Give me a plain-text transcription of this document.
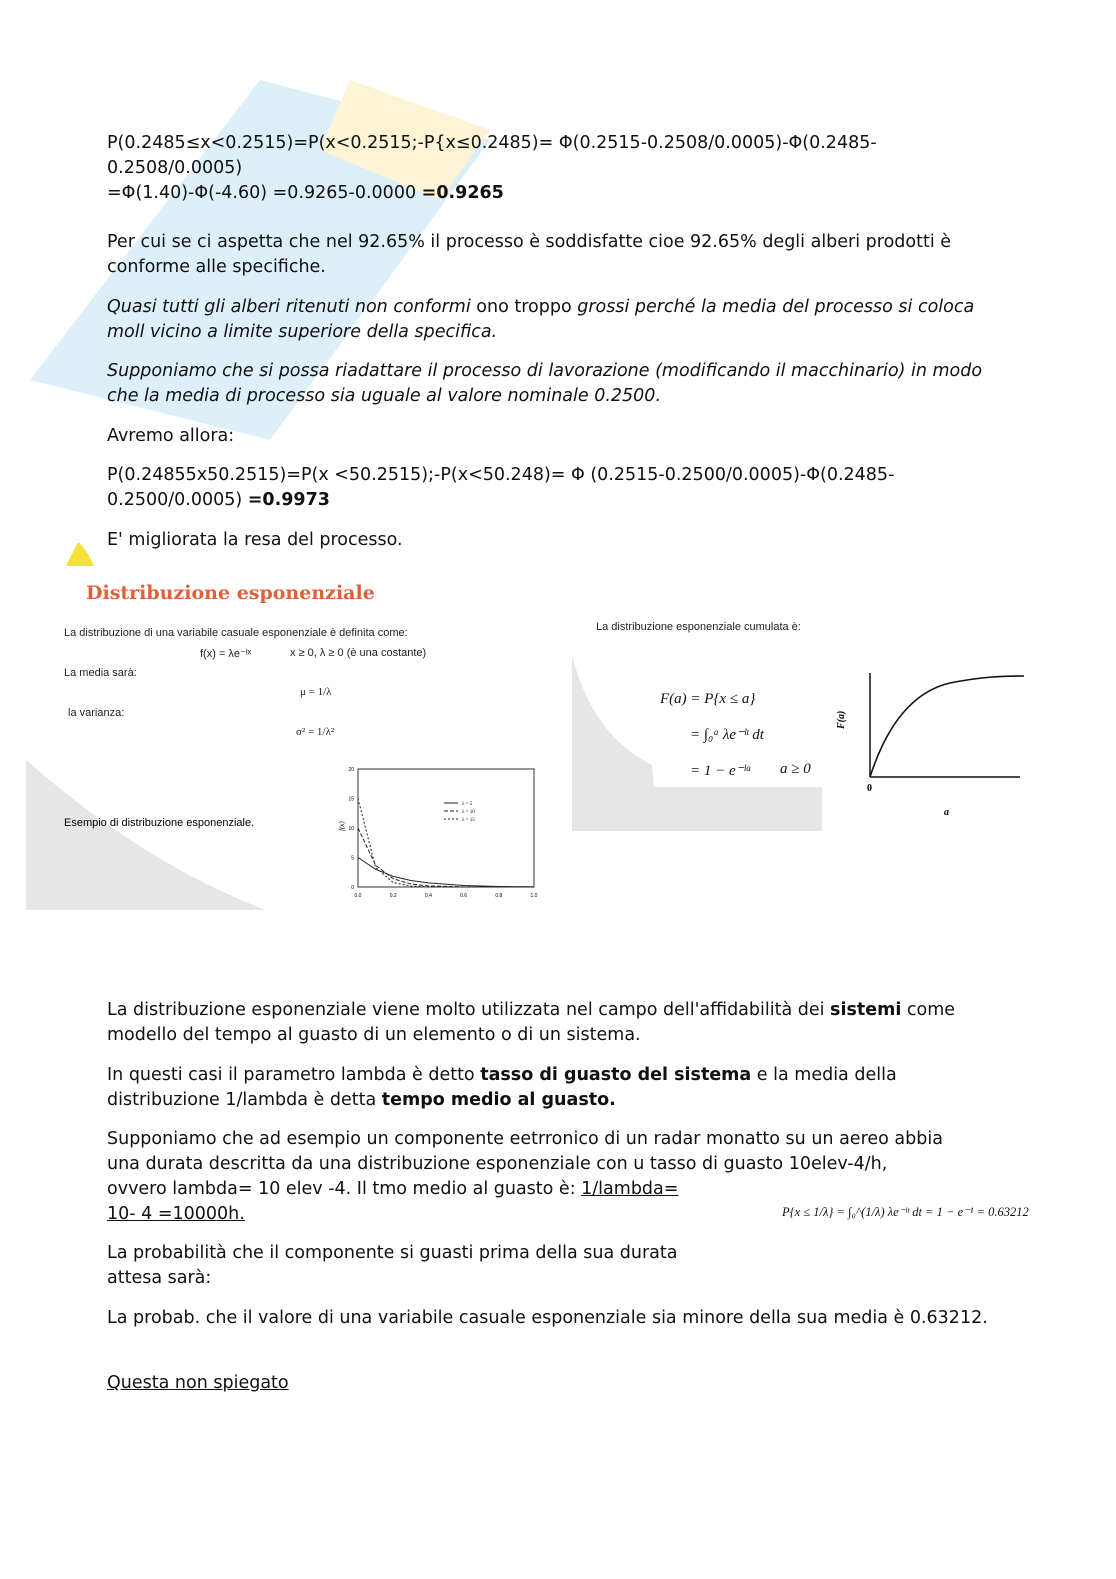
P(0.2485≤x<0.2515)=P(x<0.2515;-P{x≤0.2485)= Φ(0.2515-0.2508/0.0005)-Φ(0.2485-
0.2508/0.0005)
=Φ(1.40)-Φ(-4.60) =0.9265-0.0000 =0.9265

Per cui se ci aspetta che nel 92.65% il processo è soddisfatte cioe 92.65% degli alberi prodotti è conforme alle specifiche.

Quasi tutti gli alberi ritenuti non conformi ono troppo grossi perché la media del processo si coloca moll vicino a limite superiore della specifica.

Supponiamo che si possa riadattare il processo di lavorazione (modificando il macchinario) in modo che la media di processo sia uguale al valore nominale 0.2500.

Avremo allora:

P(0.24855x50.2515)=P(x <50.2515);-P(x<50.248)= Φ (0.2515-0.2500/0.0005)-Φ(0.2485-0.2500/0.0005) =0.9973

E' migliorata la resa del processo.

Distribuzione esponenziale
La distribuzione di una variabile casuale esponenziale è definita come:
f(x) = λe⁻ˡˣ	x ≥ 0, λ ≥ 0 (è una costante)
La media sarà:
μ = 1/λ
la varianza:
σ² = 1/λ²
Esempio di distribuzione esponenziale.
20
15
10
5
0
0.0	0.2	0.4	0.6	0.8	1.0
λ = 5
λ = 10
λ = 15
f(x)
La distribuzione esponenziale cumulata è:
F(a) = P{x ≤ a}
= ∫₀ᵃ λe⁻ˡᵗ dt
= 1 − e⁻ˡᵃ a ≥ 0
F(a)
0
a

La distribuzione esponenziale viene molto utilizzata nel campo dell'affidabilità dei sistemi come modello del tempo al guasto di un elemento o di un sistema.

In questi casi il parametro lambda è detto tasso di guasto del sistema e la media della distribuzione 1/lambda è detta tempo medio al guasto.

Supponiamo che ad esempio un componente eetrronico di un radar monatto su un aereo abbia
una durata descritta da una distribuzione esponenziale con u tasso di guasto 10elev-4/h,
ovvero lambda= 10 elev -4. Il tmo medio al guasto è: 1/lambda=
10- 4 =10000h.	P{x ≤ 1/λ} = ∫₀^(1/λ) λe⁻ˡᵗ dt = 1 − e⁻¹ = 0.63212

La probabilità che il componente si guasti prima della sua durata attesa sarà:

La probab. che il valore di una variabile casuale esponenziale sia minore della sua media è 0.63212.

Questa non spiegato
